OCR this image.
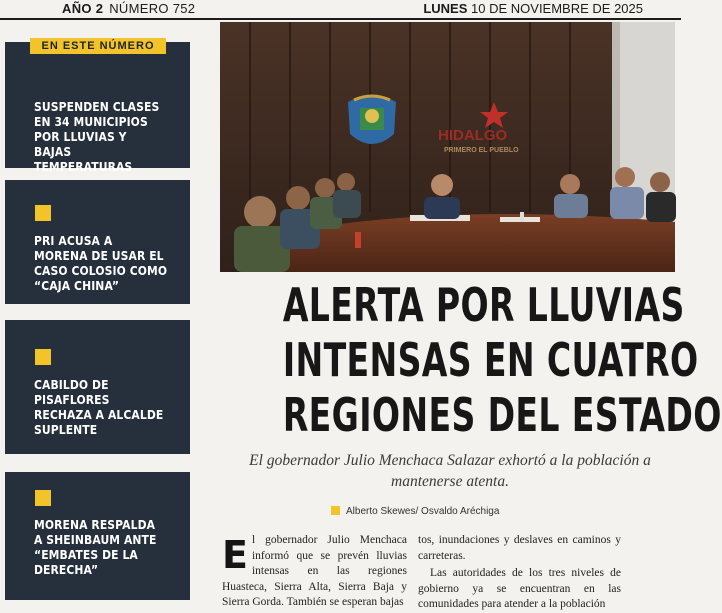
AÑO 2 NÚMERO 752	LUNES 10 DE NOVIEMBRE DE 2025
SUSPENDEN CLASES EN 34 MUNICIPIOS POR LLUVIAS Y BAJAS TEMPERATURAS
EN ESTE NÚMERO
PRI ACUSA A MORENA DE USAR EL CASO COLOSIO COMO “CAJA CHINA”
CABILDO DE PISAFLORES RECHAZA A ALCALDE SUPLENTE
MORENA RESPALDA A SHEINBAUM ANTE “EMBATES DE LA DERECHA”
HIDALGO
PRIMERO EL PUEBLO
ALERTA POR LLUVIAS
INTENSAS EN CUATRO
REGIONES DEL ESTADO
El gobernador Julio Menchaca Salazar exhortó a la población a mantenerse atenta.
Alberto Skewes/ Osvaldo Aréchiga
E l gobernador Julio Menchaca informó que se prevén lluvias intensas en las regiones Huasteca, Sierra Alta, Sierra Baja y Sierra Gorda. También se esperan bajas

tos, inundaciones y deslaves en caminos y carreteras.

Las autoridades de los tres niveles de gobierno ya se encuentran en las comunidades para atender a la población
